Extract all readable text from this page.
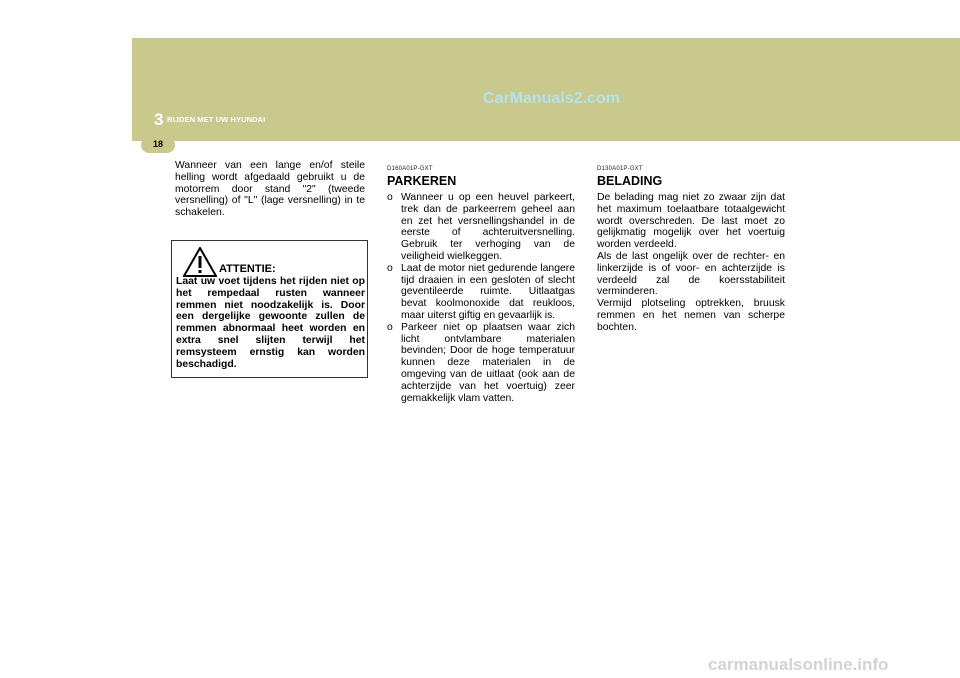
3 RIJDEN MET UW HYUNDAI
CarManuals2.com
18
Wanneer van een lange en/of steile helling wordt afgedaald gebruikt u de motorrem door stand "2" (tweede versnelling) of "L" (lage versnelling) in te schakelen.
ATTENTIE:
Laat uw voet tijdens het rijden niet op het rempedaal rusten wanneer remmen niet noodzakelijk is. Door een dergelijke gewoonte zullen de remmen abnormaal heet worden en extra snel slijten terwijl het remsysteem ernstig kan worden beschadigd.
D160A01P-GXT
PARKEREN
o Wanneer u op een heuvel parkeert, trek dan de parkeerrem geheel aan en zet het versnellingshandel in de eerste of achteruitversnelling. Gebruik ter verhoging van de veiligheid wielkeggen.
o Laat de motor niet gedurende langere tijd draaien in een gesloten of slecht geventileerde ruimte. Uitlaatgas bevat koolmonoxide dat reukloos, maar uiterst giftig en gevaarlijk is.
o Parkeer niet op plaatsen waar zich licht ontvlambare materialen bevinden; Door de hoge temperatuur kunnen deze materialen in de omgeving van de uitlaat (ook aan de achterzijde van het voertuig) zeer gemakkelijk vlam vatten.
D130A01P-GXT
BELADING
De belading mag niet zo zwaar zijn dat het maximum toelaatbare totaalgewicht wordt overschreden. De last moet zo gelijkmatig mogelijk over het voertuig worden verdeeld.
Als de last ongelijk over de rechter- en linkerzijde is of voor- en achterzijde is verdeeld zal de koersstabiliteit verminderen.
Vermijd plotseling optrekken, bruusk remmen en het nemen van scherpe bochten.
carmanualsonline.info
